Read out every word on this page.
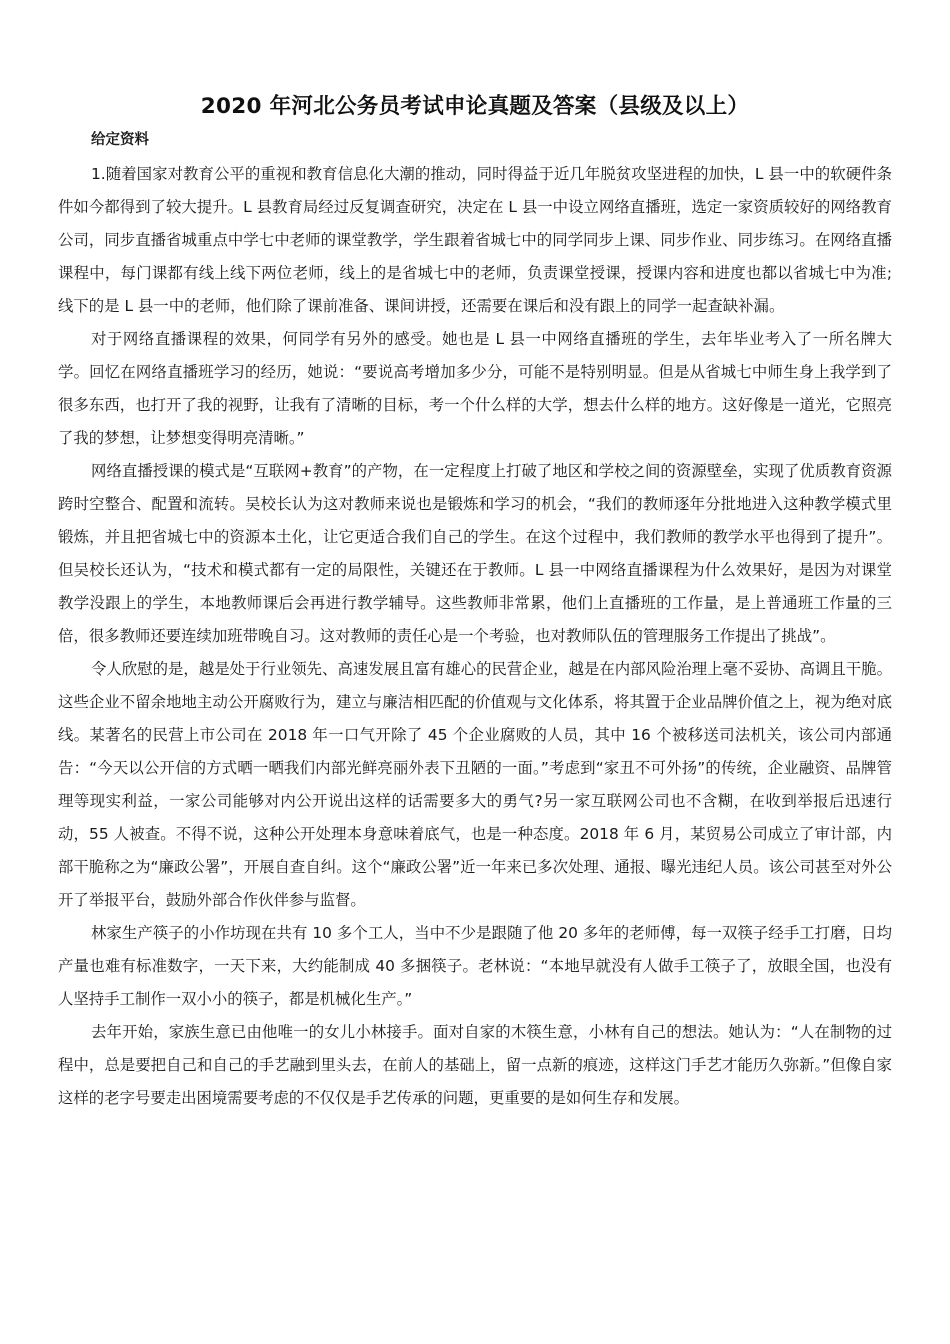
2020 年河北公务员考试申论真题及答案（县级及以上）
给定资料

1.随着国家对教育公平的重视和教育信息化大潮的推动，同时得益于近几年脱贫攻坚进程的加快，L 县一中的软硬件条件如今都得到了较大提升。L 县教育局经过反复调查研究，决定在 L 县一中设立网络直播班，选定一家资质较好的网络教育公司，同步直播省城重点中学七中老师的课堂教学，学生跟着省城七中的同学同步上课、同步作业、同步练习。在网络直播课程中，每门课都有线上线下两位老师，线上的是省城七中的老师，负责课堂授课，授课内容和进度也都以省城七中为准;线下的是 L 县一中的老师，他们除了课前准备、课间讲授，还需要在课后和没有跟上的同学一起查缺补漏。

对于网络直播课程的效果，何同学有另外的感受。她也是 L 县一中网络直播班的学生，去年毕业考入了一所名牌大学。回忆在网络直播班学习的经历，她说：“要说高考增加多少分，可能不是特别明显。但是从省城七中师生身上我学到了很多东西，也打开了我的视野，让我有了清晰的目标，考一个什么样的大学，想去什么样的地方。这好像是一道光，它照亮了我的梦想，让梦想变得明亮清晰。”

网络直播授课的模式是“互联网+教育”的产物，在一定程度上打破了地区和学校之间的资源壁垒，实现了优质教育资源跨时空整合、配置和流转。吴校长认为这对教师来说也是锻炼和学习的机会，“我们的教师逐年分批地进入这种教学模式里锻炼，并且把省城七中的资源本土化，让它更适合我们自己的学生。在这个过程中，我们教师的教学水平也得到了提升”。但吴校长还认为，“技术和模式都有一定的局限性，关键还在于教师。L 县一中网络直播课程为什么效果好，是因为对课堂教学没跟上的学生，本地教师课后会再进行教学辅导。这些教师非常累，他们上直播班的工作量，是上普通班工作量的三倍，很多教师还要连续加班带晚自习。这对教师的责任心是一个考验，也对教师队伍的管理服务工作提出了挑战”。

令人欣慰的是，越是处于行业领先、高速发展且富有雄心的民营企业，越是在内部风险治理上毫不妥协、高调且干脆。这些企业不留余地地主动公开腐败行为，建立与廉洁相匹配的价值观与文化体系，将其置于企业品牌价值之上，视为绝对底线。某著名的民营上市公司在 2018 年一口气开除了 45 个企业腐败的人员，其中 16 个被移送司法机关，该公司内部通告：“今天以公开信的方式晒一晒我们内部光鲜亮丽外表下丑陋的一面。”考虑到“家丑不可外扬”的传统，企业融资、品牌管理等现实利益，一家公司能够对内公开说出这样的话需要多大的勇气?另一家互联网公司也不含糊，在收到举报后迅速行动，55 人被查。不得不说，这种公开处理本身意味着底气，也是一种态度。2018 年 6 月，某贸易公司成立了审计部，内部干脆称之为“廉政公署”，开展自查自纠。这个“廉政公署”近一年来已多次处理、通报、曝光违纪人员。该公司甚至对外公开了举报平台，鼓励外部合作伙伴参与监督。

林家生产筷子的小作坊现在共有 10 多个工人，当中不少是跟随了他 20 多年的老师傅，每一双筷子经手工打磨，日均产量也难有标准数字，一天下来，大约能制成 40 多捆筷子。老林说：“本地早就没有人做手工筷子了，放眼全国，也没有人坚持手工制作一双小小的筷子，都是机械化生产。”

去年开始，家族生意已由他唯一的女儿小林接手。面对自家的木筷生意，小林有自己的想法。她认为：“人在制物的过程中，总是要把自己和自己的手艺融到里头去，在前人的基础上，留一点新的痕迹，这样这门手艺才能历久弥新。”但像自家这样的老字号要走出困境需要考虑的不仅仅是手艺传承的问题，更重要的是如何生存和发展。
